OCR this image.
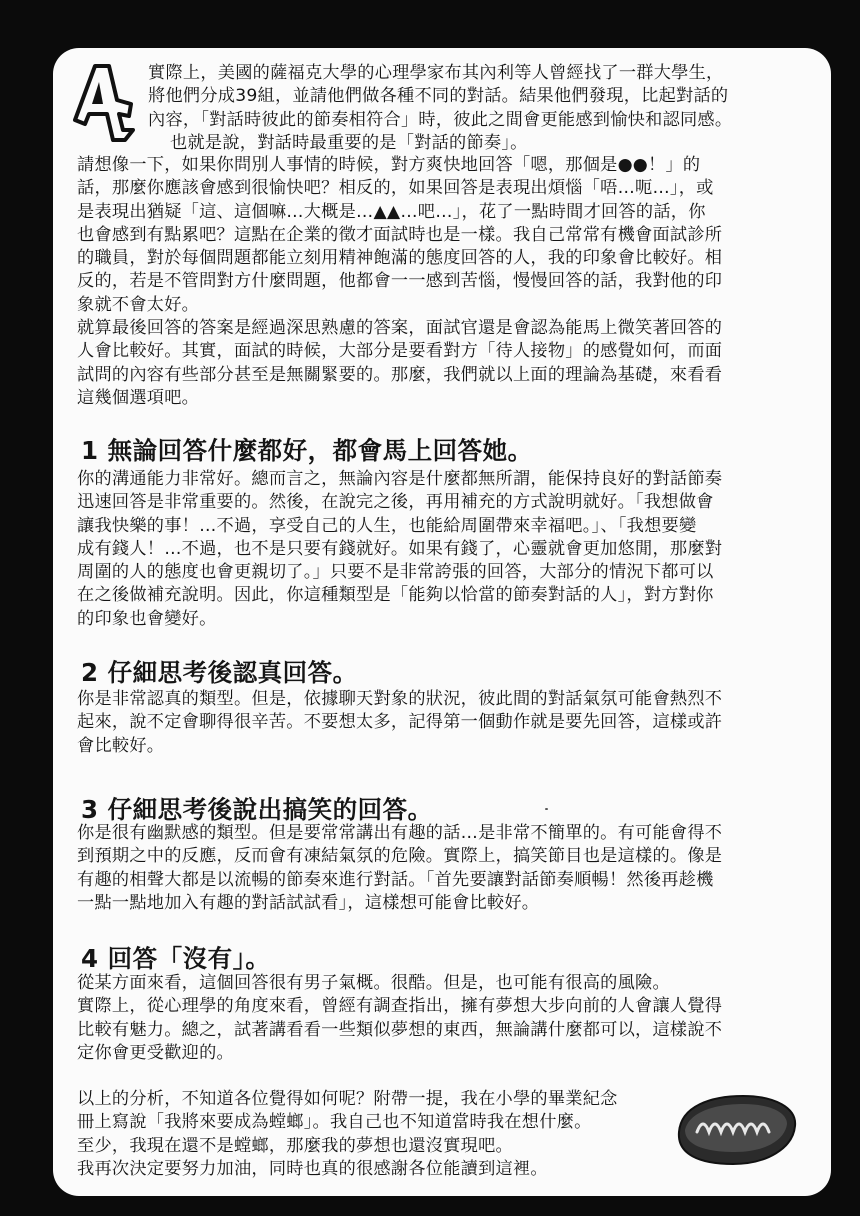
實際上，美國的薩福克大學的心理學家布其內利等人曾經找了一群大學生，
將他們分成39組，並請他們做各種不同的對話。結果他們發現，比起對話的
內容，「對話時彼此的節奏相符合」時，彼此之間會更能感到愉快和認同感。
也就是說，對話時最重要的是「對話的節奏」。

請想像一下，如果你問別人事情的時候，對方爽快地回答「嗯，那個是●●！」的
話，那麼你應該會感到很愉快吧？相反的，如果回答是表現出煩惱「唔…呃…」，或
是表現出猶疑「這、這個嘛…大概是…▲▲…吧…」，花了一點時間才回答的話，你
也會感到有點累吧？這點在企業的徵才面試時也是一樣。我自己常常有機會面試診所
的職員，對於每個問題都能立刻用精神飽滿的態度回答的人，我的印象會比較好。相
反的，若是不管問對方什麼問題，他都會一一感到苦惱，慢慢回答的話，我對他的印
象就不會太好。

就算最後回答的答案是經過深思熟慮的答案，面試官還是會認為能馬上微笑著回答的
人會比較好。其實，面試的時候，大部分是要看對方「待人接物」的感覺如何，而面
試問的內容有些部分甚至是無關緊要的。那麼，我們就以上面的理論為基礎，來看看
這幾個選項吧。

1 無論回答什麼都好，都會馬上回答她。

你的溝通能力非常好。總而言之，無論內容是什麼都無所謂，能保持良好的對話節奏
迅速回答是非常重要的。然後，在說完之後，再用補充的方式說明就好。「我想做會
讓我快樂的事！…不過，享受自己的人生，也能給周圍帶來幸福吧。」、「我想要變
成有錢人！…不過，也不是只要有錢就好。如果有錢了，心靈就會更加悠閒，那麼對
周圍的人的態度也會更親切了。」只要不是非常誇張的回答，大部分的情況下都可以
在之後做補充說明。因此，你這種類型是「能夠以恰當的節奏對話的人」，對方對你
的印象也會變好。

2 仔細思考後認真回答。

你是非常認真的類型。但是，依據聊天對象的狀況，彼此間的對話氣氛可能會熱烈不
起來，說不定會聊得很辛苦。不要想太多，記得第一個動作就是要先回答，這樣或許
會比較好。

3 仔細思考後說出搞笑的回答。

你是很有幽默感的類型。但是要常常講出有趣的話…是非常不簡單的。有可能會得不
到預期之中的反應，反而會有凍結氣氛的危險。實際上，搞笑節目也是這樣的。像是
有趣的相聲大都是以流暢的節奏來進行對話。「首先要讓對話節奏順暢！然後再趁機
一點一點地加入有趣的對話試試看」，這樣想可能會比較好。

4 回答「沒有」。

從某方面來看，這個回答很有男子氣概。很酷。但是，也可能有很高的風險。
實際上，從心理學的角度來看，曾經有調查指出，擁有夢想大步向前的人會讓人覺得
比較有魅力。總之，試著講看看一些類似夢想的東西，無論講什麼都可以，這樣說不
定你會更受歡迎的。

以上的分析，不知道各位覺得如何呢？附帶一提，我在小學的畢業紀念
冊上寫說「我將來要成為螳螂」。我自己也不知道當時我在想什麼。
至少，我現在還不是螳螂，那麼我的夢想也還沒實現吧。
我再次決定要努力加油，同時也真的很感謝各位能讀到這裡。
